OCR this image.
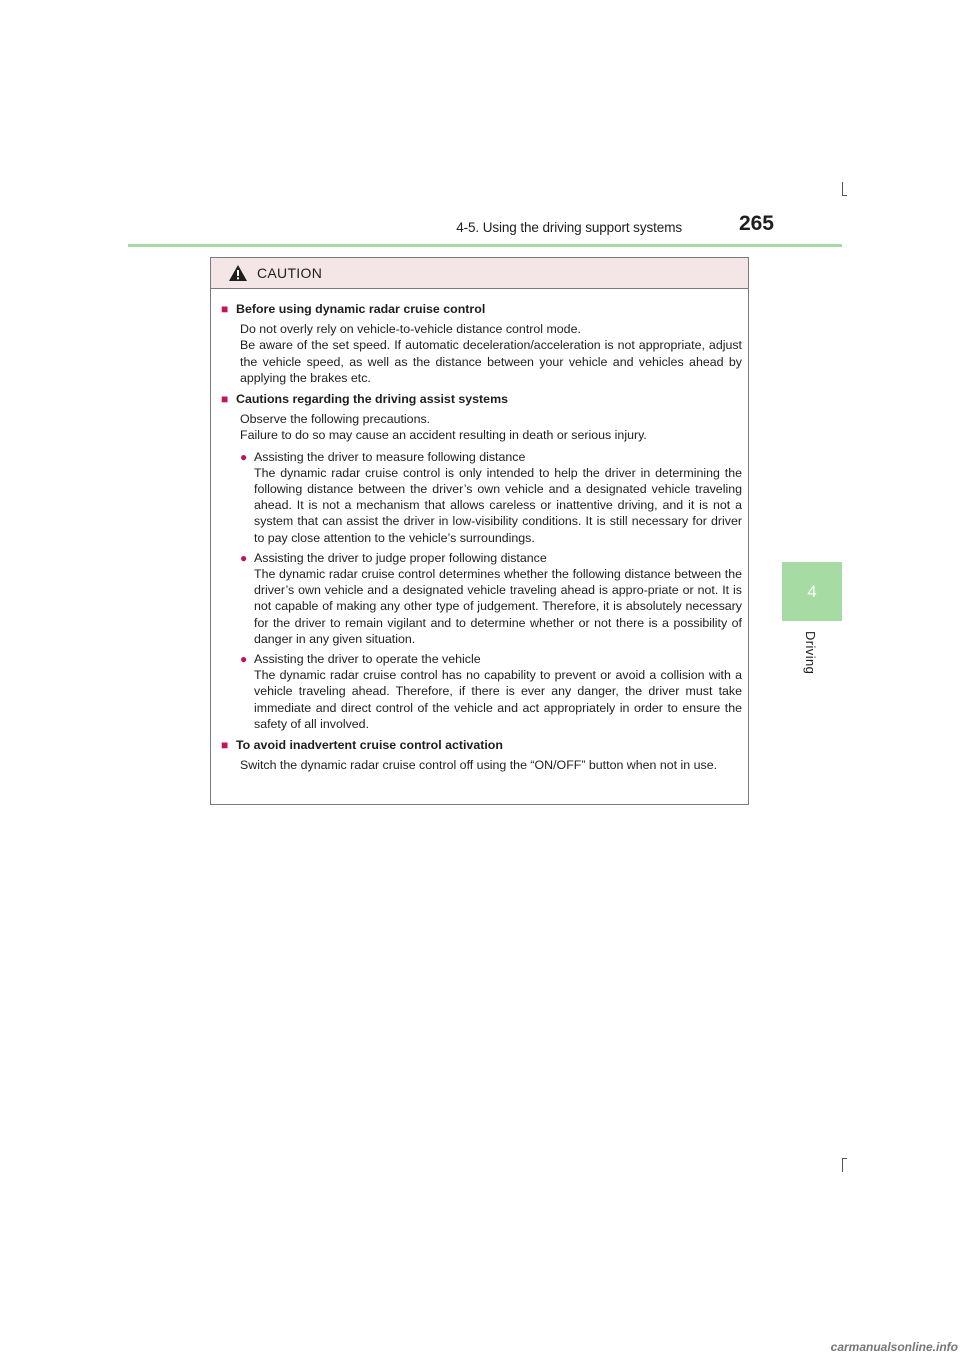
4-5. Using the driving support systems	265
4
Driving
CAUTION
■ Before using dynamic radar cruise control

Do not overly rely on vehicle-to-vehicle distance control mode.

Be aware of the set speed. If automatic deceleration/acceleration is not appropriate, adjust the vehicle speed, as well as the distance between your vehicle and vehicles ahead by applying the brakes etc.

■ Cautions regarding the driving assist systems

Observe the following precautions.

Failure to do so may cause an accident resulting in death or serious injury.

● Assisting the driver to measure following distance
The dynamic radar cruise control is only intended to help the driver in determining the following distance between the driver’s own vehicle and a designated vehicle traveling ahead. It is not a mechanism that allows careless or inattentive driving, and it is not a system that can assist the driver in low-visibility conditions. It is still necessary for driver to pay close attention to the vehicle’s surroundings.
● Assisting the driver to judge proper following distance
The dynamic radar cruise control determines whether the following distance between the driver’s own vehicle and a designated vehicle traveling ahead is appro-priate or not. It is not capable of making any other type of judgement. Therefore, it is absolutely necessary for the driver to remain vigilant and to determine whether or not there is a possibility of danger in any given situation.
● Assisting the driver to operate the vehicle
The dynamic radar cruise control has no capability to prevent or avoid a collision with a vehicle traveling ahead. Therefore, if there is ever any danger, the driver must take immediate and direct control of the vehicle and act appropriately in order to ensure the safety of all involved.
■ To avoid inadvertent cruise control activation

Switch the dynamic radar cruise control off using the “ON/OFF” button when not in use.

carmanualsonline.info
